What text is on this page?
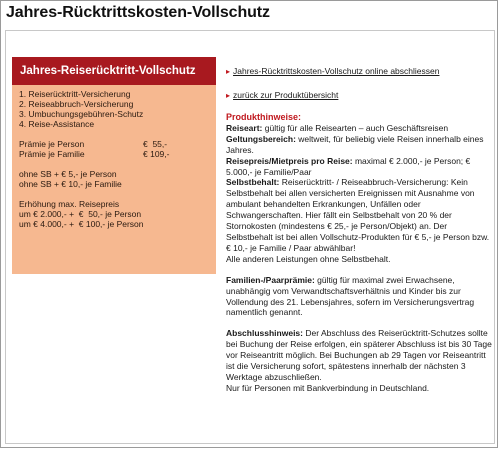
Jahres-Rücktrittskosten-Vollschutz
Jahres-Reiserücktritt-Vollschutz
1. Reiserücktritt-Versicherung
2. Reiseabbruch-Versicherung
3. Umbuchungsgebühren-Schutz
4. Reise-Assistance
Prämie je Person	€  55,-
Prämie je Familie	€ 109,-
ohne SB + € 5,- je Person
ohne SB + € 10,- je Familie
Erhöhung max. Reisepreis
um € 2.000,- +  €  50,- je Person
um € 4.000,- +  € 100,- je Person
▸ Jahres-Rücktrittskosten-Vollschutz online abschliessen
▸ zurück zur Produktübersicht
Produkthinweise:

Reiseart: gültig für alle Reisearten – auch Geschäftsreisen

Geltungsbereich: weltweit, für beliebig viele Reisen innerhalb eines Jahres.

Reisepreis/Mietpreis pro Reise: maximal € 2.000,- je Person; € 5.000,- je Familie/Paar

Selbstbehalt: Reiserücktritt- / Reiseabbruch-Versicherung: Kein Selbstbehalt bei allen versicherten Ereignissen mit Ausnahme von ambulant behandelten Erkrankungen, Unfällen oder Schwangerschaften. Hier fällt ein Selbstbehalt von 20 % der Stornokosten (mindestens € 25,- je Person/Objekt) an. Der Selbstbehalt ist bei allen Vollschutz-Produkten für € 5,- je Person bzw. € 10,- je Familie / Paar abwählbar!

Alle anderen Leistungen ohne Selbstbehalt.

Familien-/Paarprämie: gültig für maximal zwei Erwachsene, unabhängig vom Verwandtschaftsverhältnis und Kinder bis zur Vollendung des 21. Lebensjahres, sofern im Versicherungsvertrag namentlich genannt.

Abschlusshinweis: Der Abschluss des Reiserücktritt-Schutzes sollte bei Buchung der Reise erfolgen, ein späterer Abschluss ist bis 30 Tage vor Reiseantritt möglich. Bei Buchungen ab 29 Tagen vor Reiseantritt ist die Versicherung sofort, spätestens innerhalb der nächsten 3 Werktage abzuschließen.

Nur für Personen mit Bankverbindung in Deutschland.
